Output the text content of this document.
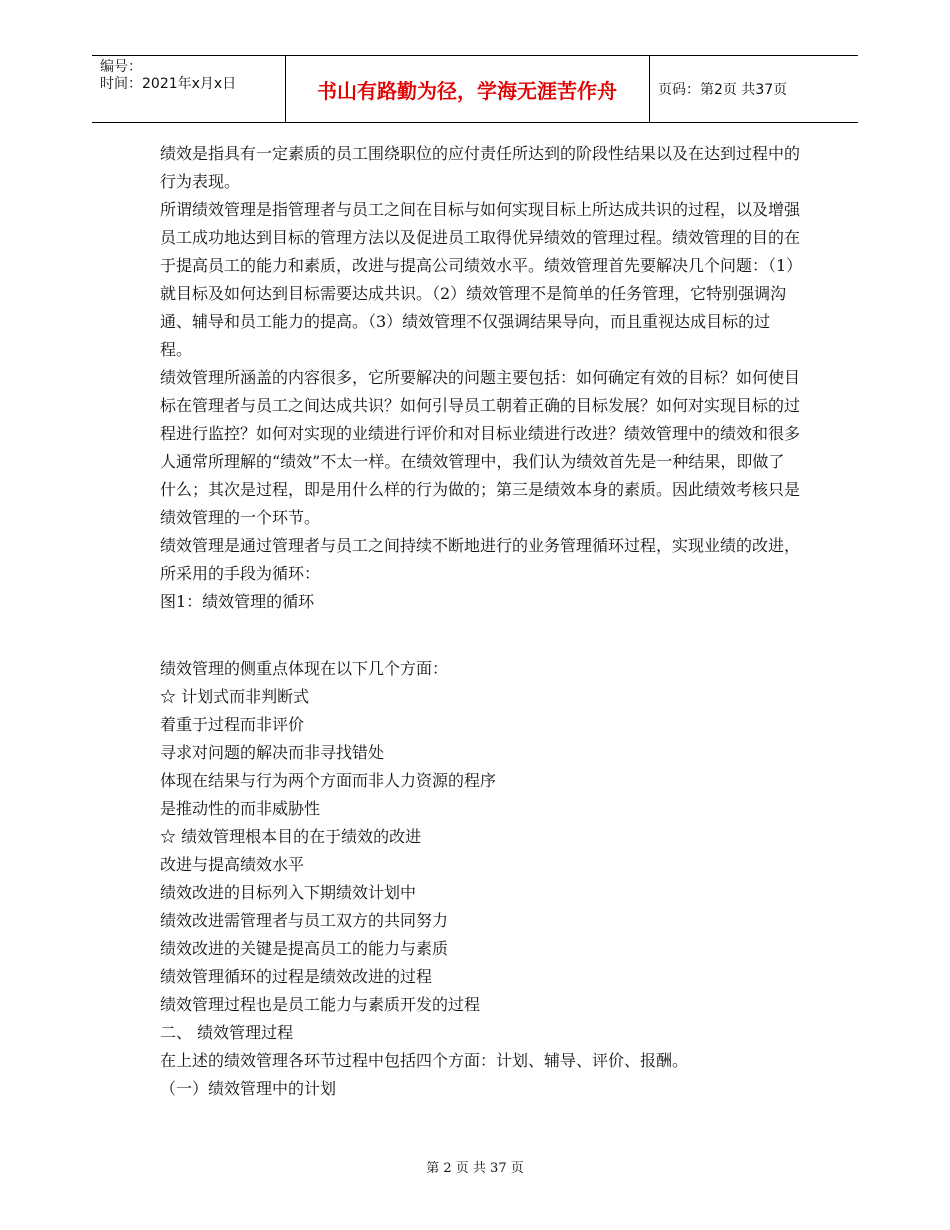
编号：
时间：2021年x月x日	书山有路勤为径，学海无涯苦作舟	页码：第2页 共37页

绩效是指具有一定素质的员工围绕职位的应付责任所达到的阶段性结果以及在达到过程中的行为表现。

所谓绩效管理是指管理者与员工之间在目标与如何实现目标上所达成共识的过程，以及增强员工成功地达到目标的管理方法以及促进员工取得优异绩效的管理过程。绩效管理的目的在于提高员工的能力和素质，改进与提高公司绩效水平。绩效管理首先要解决几个问题：（1）就目标及如何达到目标需要达成共识。（2）绩效管理不是简单的任务管理，它特别强调沟通、辅导和员工能力的提高。（3）绩效管理不仅强调结果导向，而且重视达成目标的过程。

绩效管理所涵盖的内容很多，它所要解决的问题主要包括：如何确定有效的目标？如何使目标在管理者与员工之间达成共识？如何引导员工朝着正确的目标发展？如何对实现目标的过程进行监控？如何对实现的业绩进行评价和对目标业绩进行改进？绩效管理中的绩效和很多人通常所理解的“绩效”不太一样。在绩效管理中，我们认为绩效首先是一种结果，即做了什么；其次是过程，即是用什么样的行为做的；第三是绩效本身的素质。因此绩效考核只是绩效管理的一个环节。

绩效管理是通过管理者与员工之间持续不断地进行的业务管理循环过程，实现业绩的改进，所采用的手段为循环：

图1：绩效管理的循环

绩效管理的侧重点体现在以下几个方面：

☆ 计划式而非判断式

着重于过程而非评价

寻求对问题的解决而非寻找错处

体现在结果与行为两个方面而非人力资源的程序

是推动性的而非威胁性

☆ 绩效管理根本目的在于绩效的改进

改进与提高绩效水平

绩效改进的目标列入下期绩效计划中

绩效改进需管理者与员工双方的共同努力

绩效改进的关键是提高员工的能力与素质

绩效管理循环的过程是绩效改进的过程

绩效管理过程也是员工能力与素质开发的过程

二、 绩效管理过程

在上述的绩效管理各环节过程中包括四个方面：计划、辅导、评价、报酬。

（一）绩效管理中的计划

第 2 页 共 37 页
